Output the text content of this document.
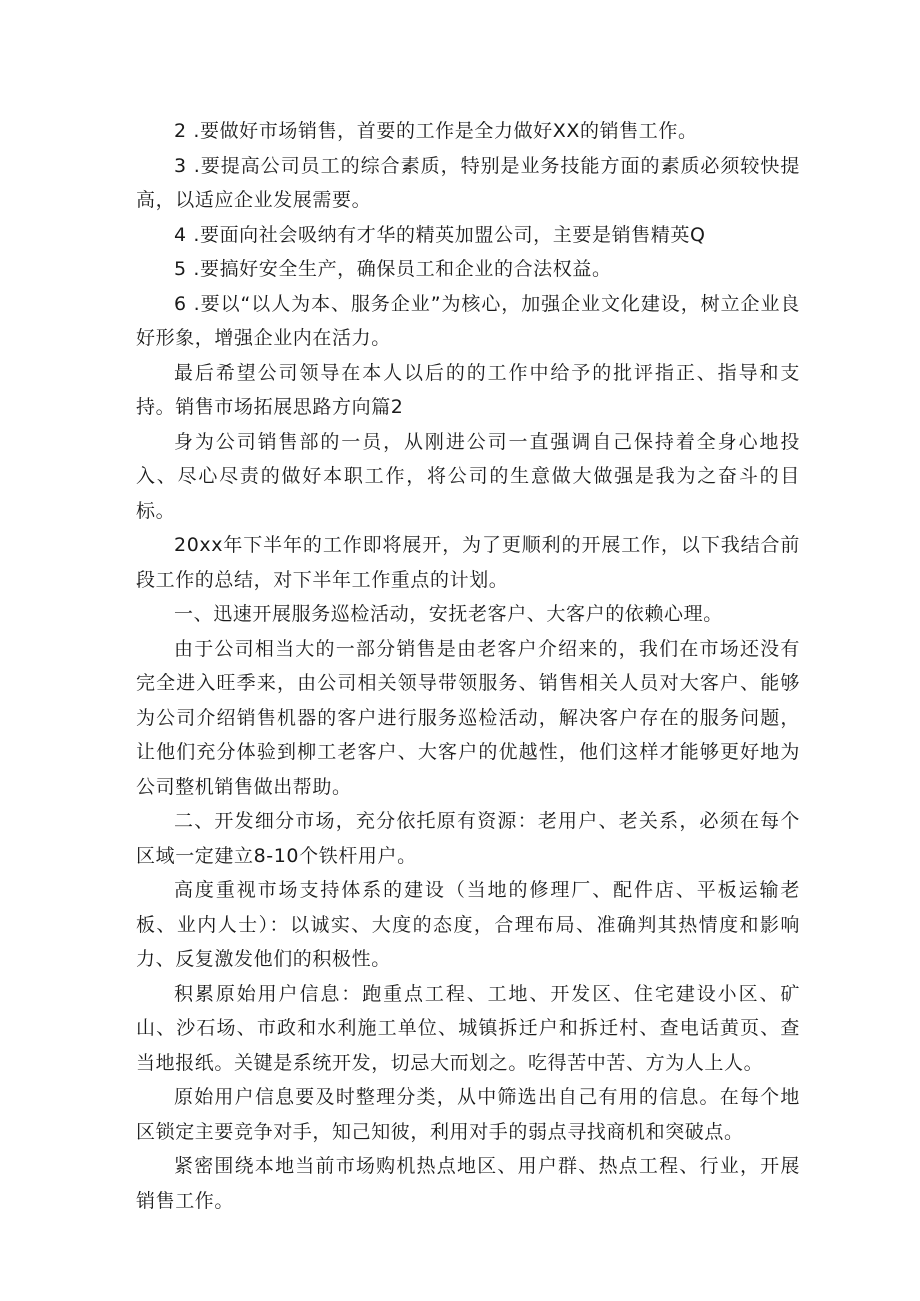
2 .要做好市场销售，首要的工作是全力做好XX的销售工作。

3 .要提高公司员工的综合素质，特别是业务技能方面的素质必须较快提高，以适应企业发展需要。

4 .要面向社会吸纳有才华的精英加盟公司，主要是销售精英Q

5 .要搞好安全生产，确保员工和企业的合法权益。

6 .要以“以人为本、服务企业”为核心，加强企业文化建设，树立企业良好形象，增强企业内在活力。

最后希望公司领导在本人以后的的工作中给予的批评指正、指导和支持。销售市场拓展思路方向篇2

身为公司销售部的一员，从刚进公司一直强调自己保持着全身心地投入、尽心尽责的做好本职工作，将公司的生意做大做强是我为之奋斗的目标。

20xx年下半年的工作即将展开，为了更顺利的开展工作，以下我结合前段工作的总结，对下半年工作重点的计划。

一、迅速开展服务巡检活动，安抚老客户、大客户的依赖心理。

由于公司相当大的一部分销售是由老客户介绍来的，我们在市场还没有完全进入旺季来，由公司相关领导带领服务、销售相关人员对大客户、能够为公司介绍销售机器的客户进行服务巡检活动，解决客户存在的服务问题，让他们充分体验到柳工老客户、大客户的优越性，他们这样才能够更好地为公司整机销售做出帮助。

二、开发细分市场，充分依托原有资源：老用户、老关系，必须在每个区域一定建立8-10个铁杆用户。

高度重视市场支持体系的建设（当地的修理厂、配件店、平板运输老板、业内人士）：以诚实、大度的态度，合理布局、准确判其热情度和影响力、反复激发他们的积极性。

积累原始用户信息：跑重点工程、工地、开发区、住宅建设小区、矿山、沙石场、市政和水利施工单位、城镇拆迁户和拆迁村、查电话黄页、查当地报纸。关键是系统开发，切忌大而划之。吃得苦中苦、方为人上人。

原始用户信息要及时整理分类，从中筛选出自己有用的信息。在每个地区锁定主要竞争对手，知己知彼，利用对手的弱点寻找商机和突破点。

紧密围绕本地当前市场购机热点地区、用户群、热点工程、行业，开展销售工作。
